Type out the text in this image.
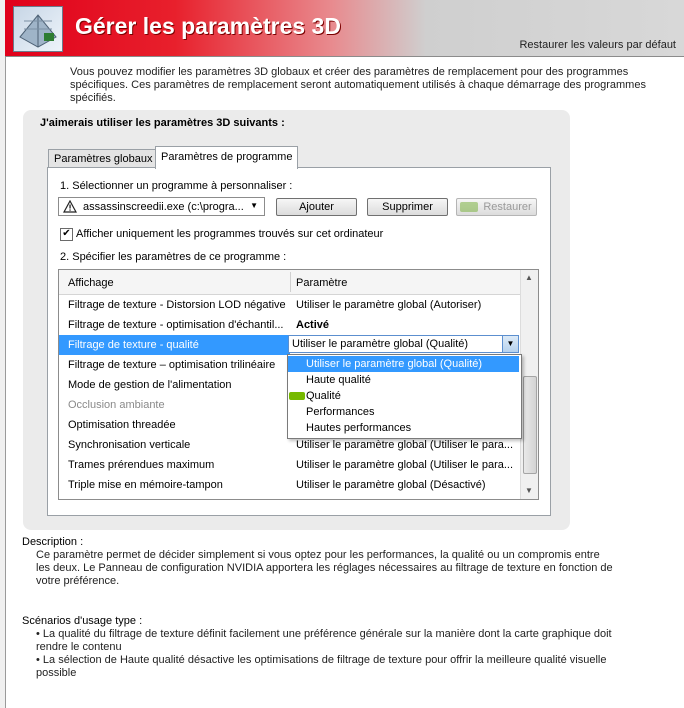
Gérer les paramètres 3D
Restaurer les valeurs par défaut
Vous pouvez modifier les paramètres 3D globaux et créer des paramètres de remplacement pour des programmes spécifiques. Ces paramètres de remplacement seront automatiquement utilisés à chaque démarrage des programmes spécifiés.
J'aimerais utiliser les paramètres 3D suivants :
Paramètres globaux Paramètres de programme
1. Sélectionner un programme à personnaliser :
assassinscreedii.exe (c:\progra... ▼	Ajouter	Supprimer	Restaurer
✔ Afficher uniquement les programmes trouvés sur cet ordinateur
2. Spécifier les paramètres de ce programme :
Affichage	Paramètre
Filtrage de texture - Distorsion LOD négative Utiliser le paramètre global (Autoriser)
Filtrage de texture - optimisation d'échantil...	Activé
Filtrage de texture - qualité	Utiliser le paramètre global (Qualité)	▼
Filtrage de texture – optimisation trilinéaire
Mode de gestion de l'alimentation
Occlusion ambiante
Optimisation threadée
Synchronisation verticale	Utiliser le paramètre global (Utiliser le para...
Trames prérendues maximum	Utiliser le paramètre global (Utiliser le para...
Triple mise en mémoire-tampon	Utiliser le paramètre global (Désactivé)
▲
▼
Utiliser le paramètre global (Qualité)
Haute qualité
Qualité
Performances
Hautes performances
Description :
Ce paramètre permet de décider simplement si vous optez pour les performances, la qualité ou un compromis entre les deux. Le Panneau de configuration NVIDIA apportera les réglages nécessaires au filtrage de texture en fonction de votre préférence.
Scénarios d'usage type :
• La qualité du filtrage de texture définit facilement une préférence générale sur la manière dont la carte graphique doit rendre le contenu
• La sélection de Haute qualité désactive les optimisations de filtrage de texture pour offrir la meilleure qualité visuelle possible
